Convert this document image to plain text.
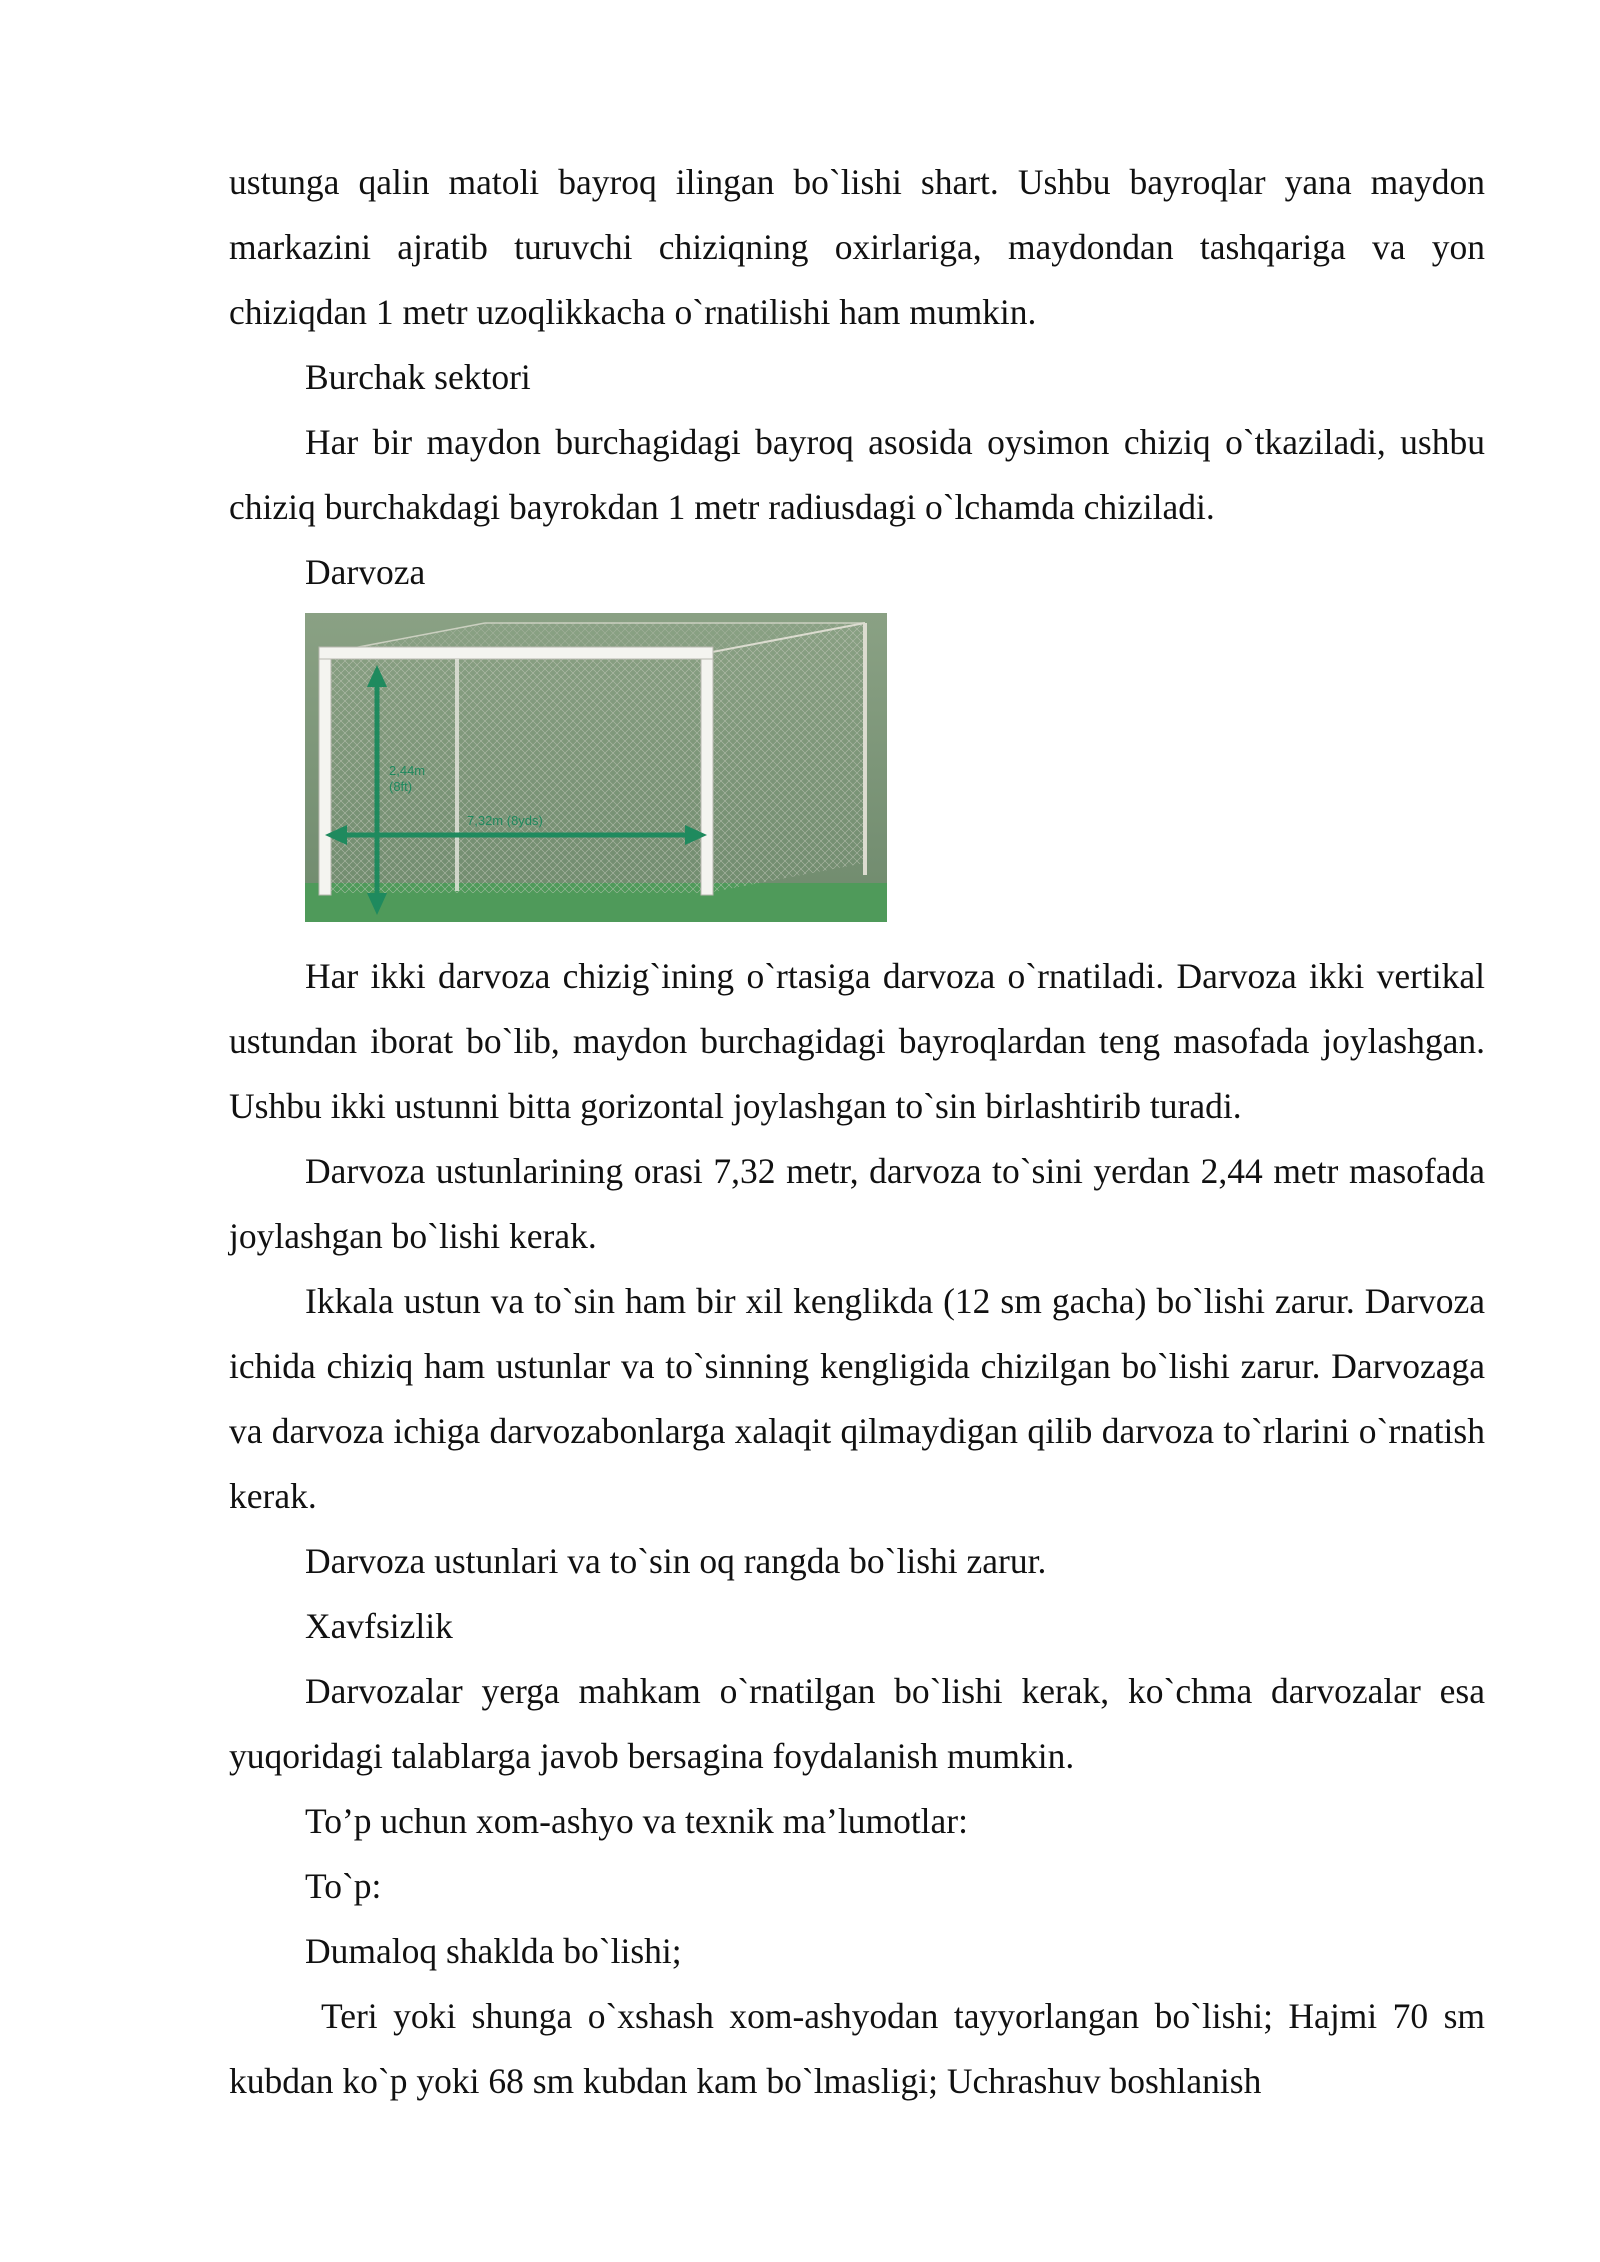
ustunga qalin matoli bayroq ilingan bo`lishi shart. Ushbu bayroqlar yana maydon markazini ajratib turuvchi chiziqning oxirlariga, maydondan tashqariga va yon chiziqdan 1 metr uzoqlikkacha o`rnatilishi ham mumkin.

Burchak sektori

Har bir maydon burchagidagi bayroq asosida oysimon chiziq o`tkaziladi, ushbu chiziq burchakdagi bayrokdan 1 metr radiusdagi o`lchamda chiziladi.

Darvoza

2,44m
(8ft)
7,32m (8yds)

Har ikki darvoza chizig`ining o`rtasiga darvoza o`rnatiladi. Darvoza ikki vertikal ustundan iborat bo`lib, maydon burchagidagi bayroqlardan teng masofada joylashgan. Ushbu ikki ustunni bitta gorizontal joylashgan to`sin birlashtirib turadi.

Darvoza ustunlarining orasi 7,32 metr, darvoza to`sini yerdan 2,44 metr masofada joylashgan bo`lishi kerak.

Ikkala ustun va to`sin ham bir xil kenglikda (12 sm gacha) bo`lishi zarur. Darvoza ichida chiziq ham ustunlar va to`sinning kengligida chizilgan bo`lishi zarur. Darvozaga va darvoza ichiga darvozabonlarga xalaqit qilmaydigan qilib darvoza to`rlarini o`rnatish kerak.

Darvoza ustunlari va to`sin oq rangda bo`lishi zarur.

Xavfsizlik

Darvozalar yerga mahkam o`rnatilgan bo`lishi kerak, ko`chma darvozalar esa yuqoridagi talablarga javob bersagina foydalanish mumkin.

To’p uchun xom-ashyo va texnik ma’lumotlar:

To`p:

Dumaloq shaklda bo`lishi;

Teri yoki shunga o`xshash xom-ashyodan tayyorlangan bo`lishi; Hajmi 70 sm kubdan ko`p yoki 68 sm kubdan kam bo`lmasligi; Uchrashuv boshlanish
